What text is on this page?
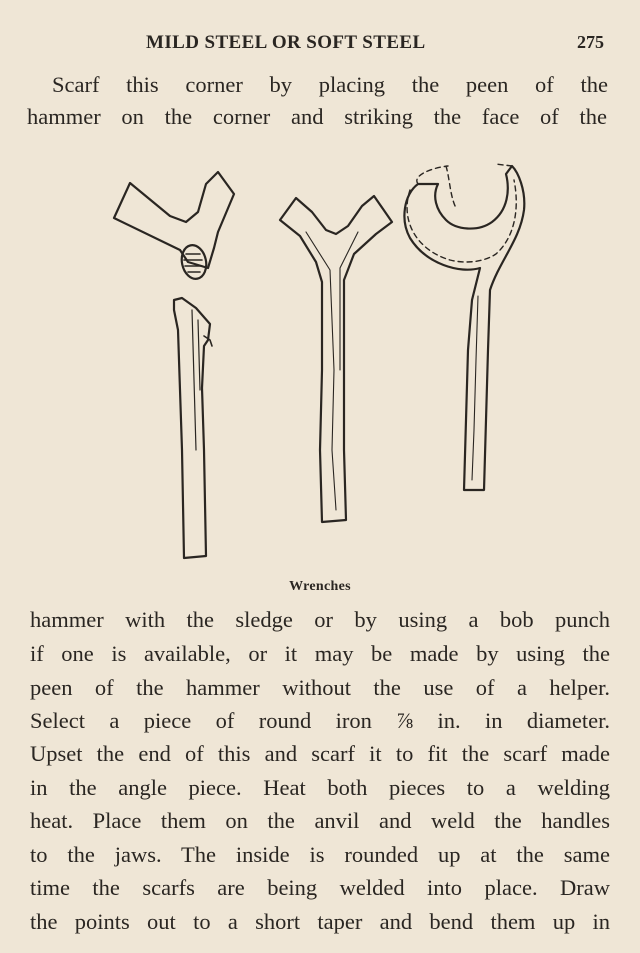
MILD STEEL OR SOFT STEEL	275
Scarf this corner by placing the peen of the
hammer on the corner and striking the face of the
Wrenches
hammer with the sledge or by using a bob punch
if one is available, or it may be made by using the
peen of the hammer without the use of a helper.
Select a piece of round iron ⅞ in. in diameter.
Upset the end of this and scarf it to fit the scarf made
in the angle piece. Heat both pieces to a welding
heat. Place them on the anvil and weld the handles
to the jaws. The inside is rounded up at the same
time the scarfs are being welded into place. Draw
the points out to a short taper and bend them up in
